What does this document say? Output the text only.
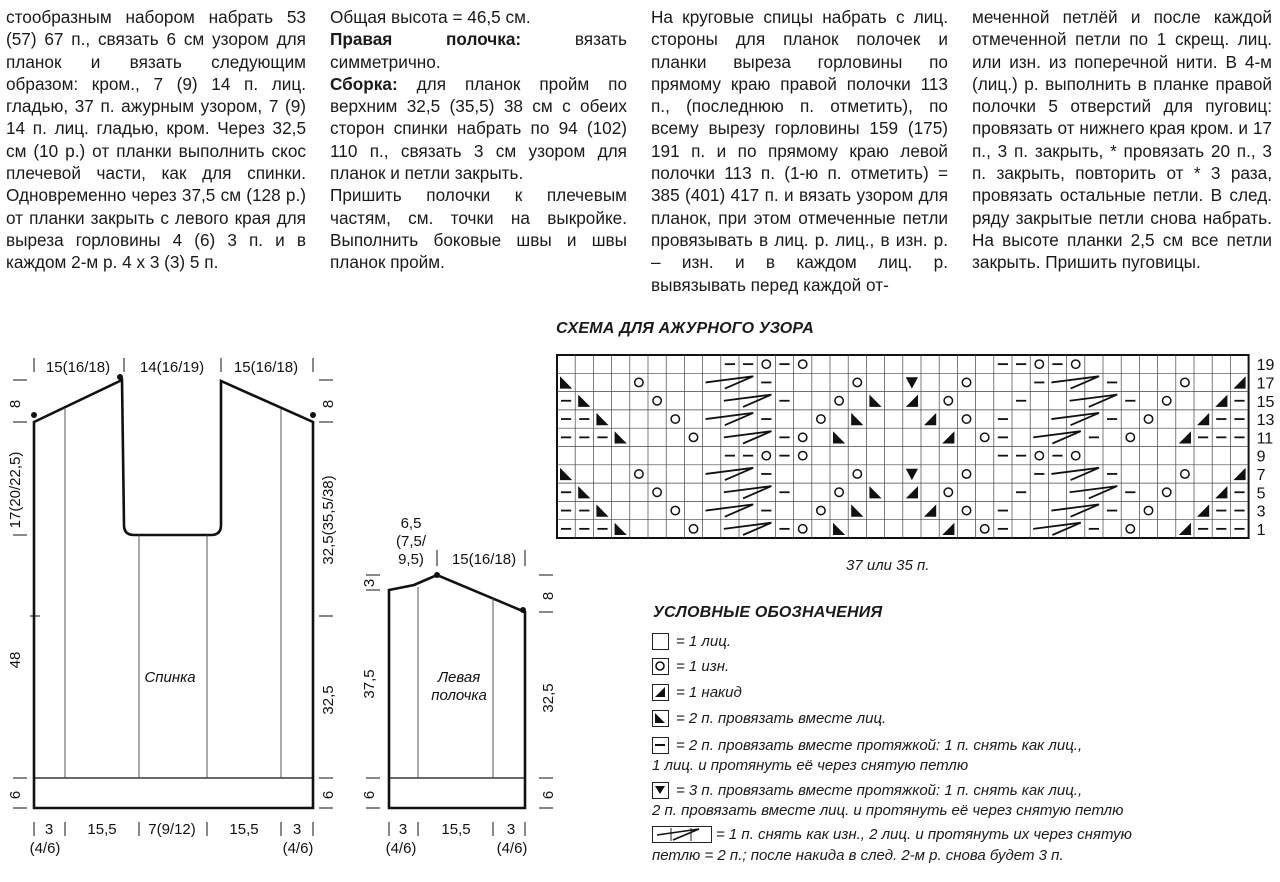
стообразным набором набрать 53 (57) 67 п., связать 6 см узором для планок и вязать следующим образом: кром., 7 (9) 14 п. лиц. гладью, 37 п. ажурным узором, 7 (9) 14 п. лиц. гладью, кром. Через 32,5 см (10 р.) от планки выполнить скос плечевой части, как для спинки. Одновременно через 37,5 см (128 р.) от планки закрыть с левого края для выреза горловины 4 (6) 3 п. и в каждом 2-м р. 4 х 3 (3) 5 п.

Общая высота = 46,5 см.

Правая полочка: вязать симметрично.

Сборка: для планок пройм по верхним 32,5 (35,5) 38 см с обеих сторон спинки набрать по 94 (102) 110 п., связать 3 см узором для планок и петли закрыть.

Пришить полочки к плечевым частям, см. точки на выкройке. Выполнить боковые швы и швы планок пройм.

На круговые спицы набрать с лиц. стороны для планок полочек и планки выреза горловины по прямому краю правой полочки 113 п., (последнюю п. отметить), по всему вырезу горловины 159 (175) 191 п. и по прямому краю левой полочки 113 п. (1-ю п. отметить) = 385 (401) 417 п. и вязать узором для планок, при этом отмеченные петли провязывать в лиц. р. лиц., в изн. р. – изн. и в каждом лиц. р. вывязывать перед каждой от-

меченной петлёй и после каждой отмеченной петли по 1 скрещ. лиц. или изн. из поперечной нити. В 4-м (лиц.) р. выполнить в планке правой полочки 5 отверстий для пуговиц: провязать от нижнего края кром. и 17 п., 3 п. закрыть, * провязать 20 п., 3 п. закрыть, повторить от * 3 раза, провязать остальные петли. В след. ряду закрытые петли снова набрать. На высоте планки 2,5 см все петли закрыть. Пришить пуговицы.

15(16/18) 14(16/19) 15(16/18)
8
17(20/22,5)
48
6
8
32,5(35,5/38)
32,5
6
3
(4/6)
15,5 7(9/12) 15,5 3
(4/6)
Спинка
6,5
(7,5/
9,5) 15(16/18)
3
37,5
6
8
32,5
6
3
(4/6)
15,5 3
(4/6)
Левая
полочка
СХЕМА ДЛЯ АЖУРНОГО УЗОРА
19
17
15
13
11
9
7
5
3
1
37 или 35 п.
УСЛОВНЫЕ ОБОЗНАЧЕНИЯ
= 1 лиц.
= 1 изн.
= 1 накид
= 2 п. провязать вместе лиц.
= 2 п. провязать вместе протяжкой: 1 п. снять как лиц.,
1 лиц. и протянуть её через снятую петлю
= 3 п. провязать вместе протяжкой: 1 п. снять как лиц.,
2 п. провязать вместе лиц. и протянуть её через снятую петлю
= 1 п. снять как изн., 2 лиц. и протянуть их через снятую
петлю = 2 п.; после накида в след. 2-м р. снова будет 3 п.
